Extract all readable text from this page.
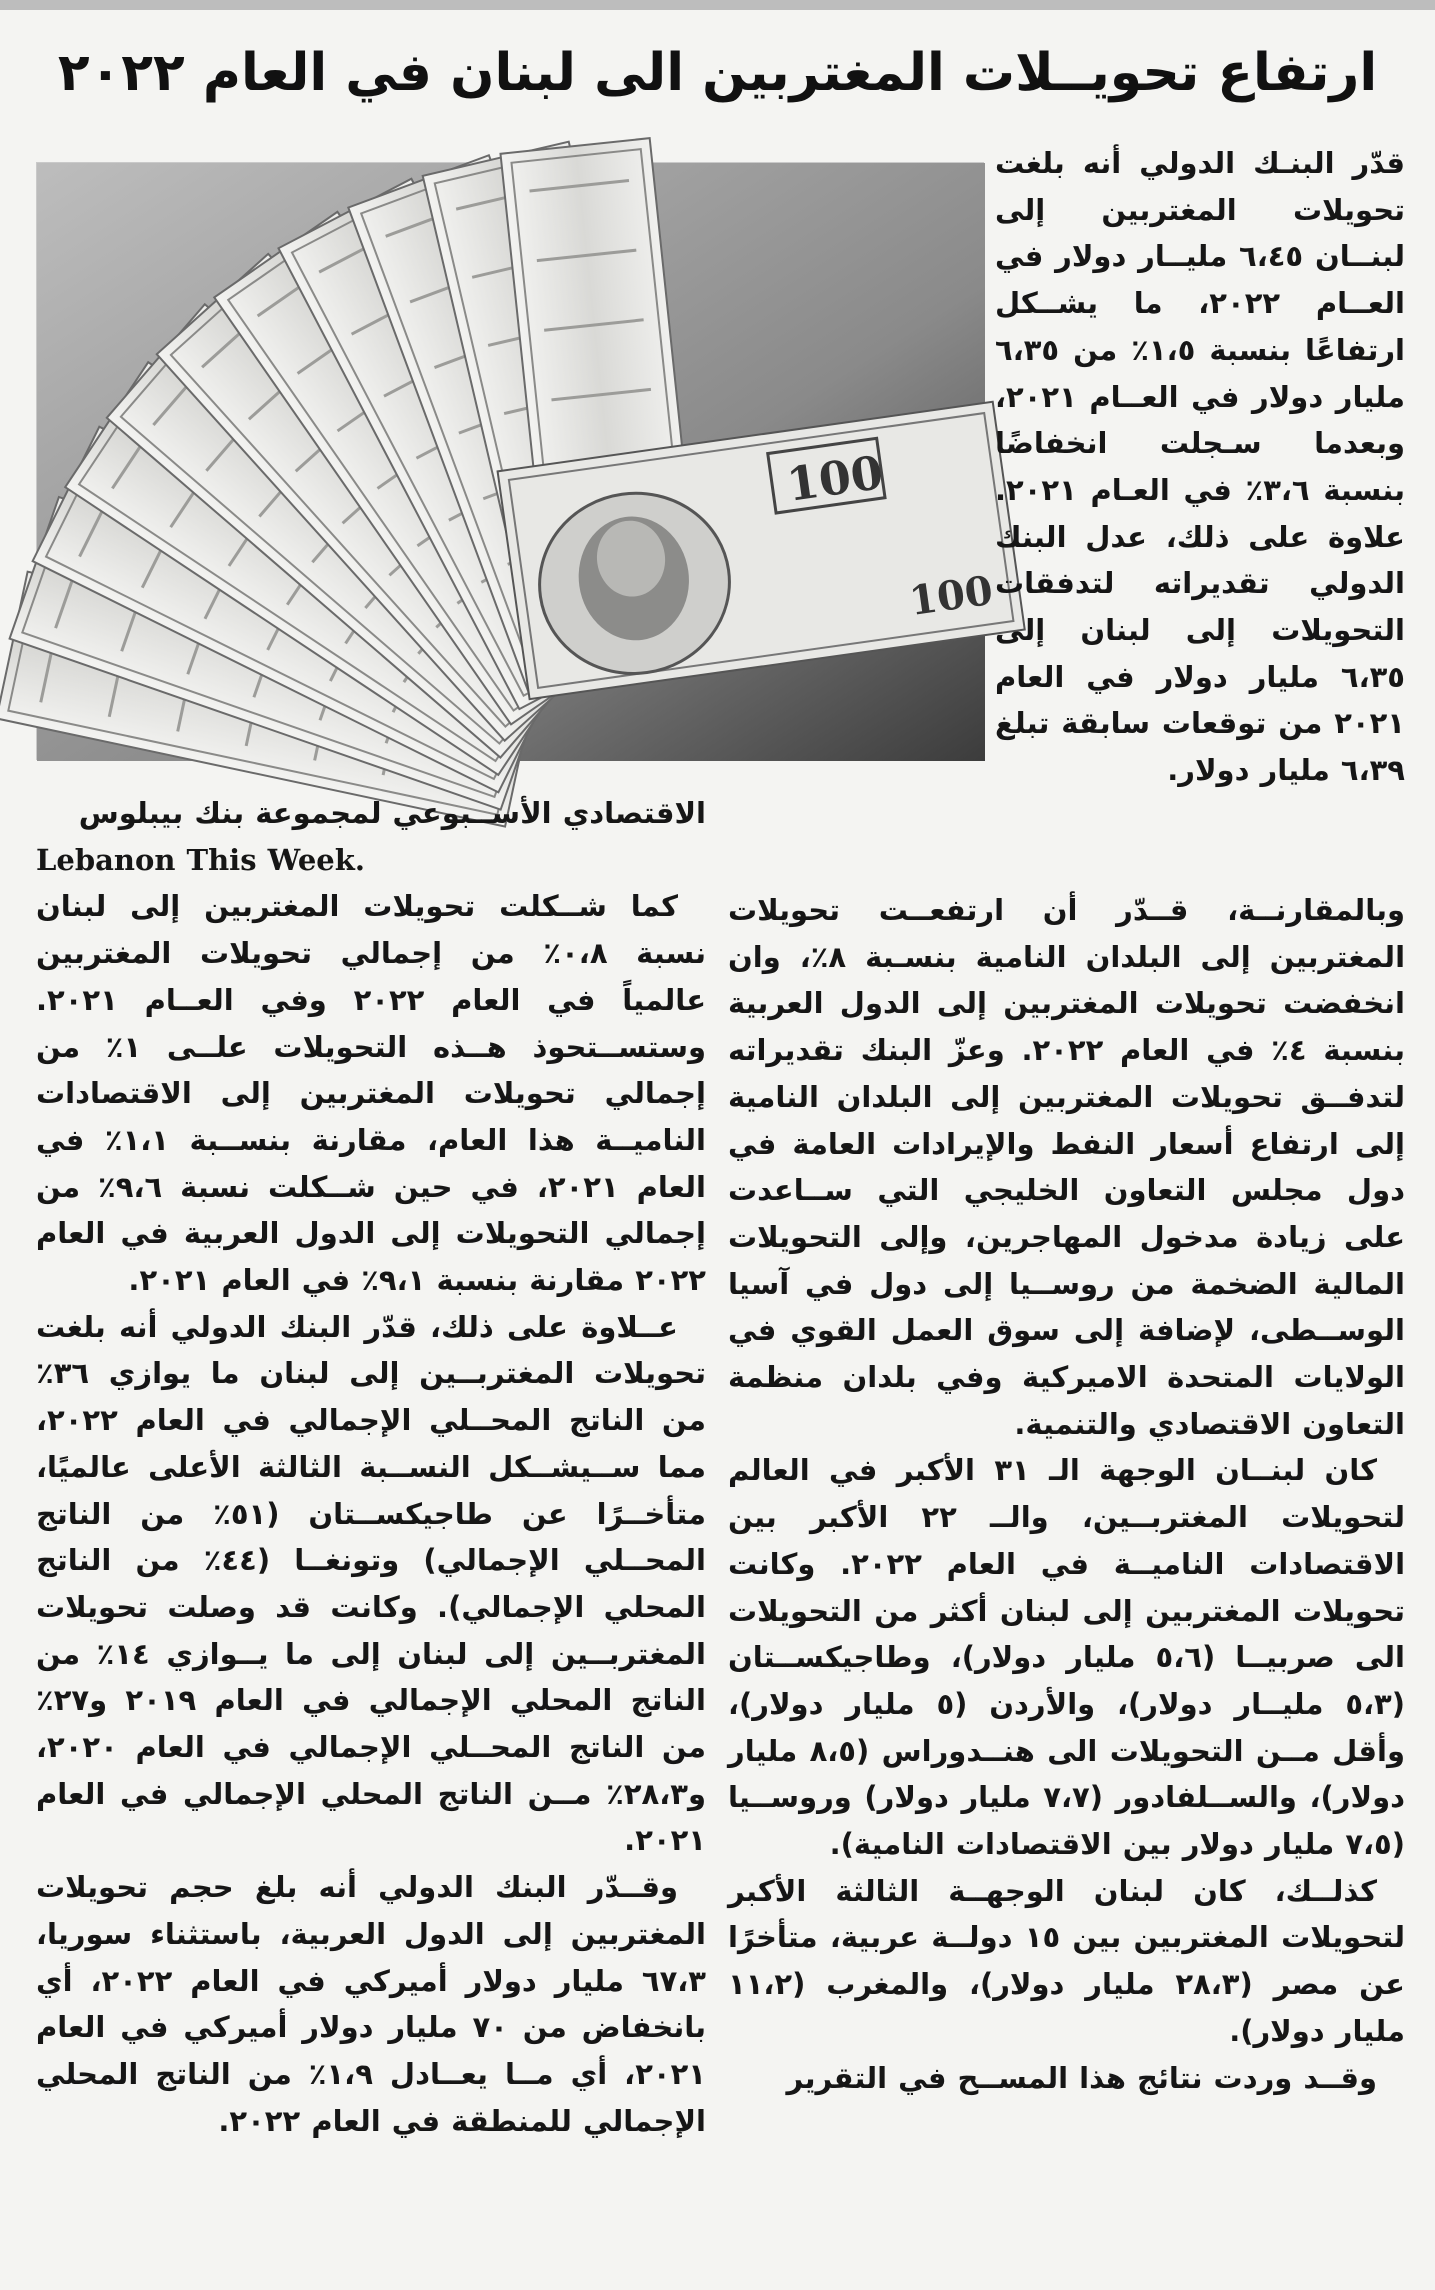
ارتفاع تحويــلات المغتربين الى لبنان في العام ٢٠٢٢
100
100

قدّر البنـك الدولي أنه بلغت تحويلات المغتربين إلى لبنــان ٦،٤٥ مليــار دولار في العــام ٢٠٢٢، ما يشــكل ارتفاعًا بنسبة ١،٥٪ من ٦،٣٥ مليار دولار في العــام ٢٠٢١، وبعدما سـجلت انخفاضًا بنسبة ٣،٦٪ في العـام ٢٠٢١. علاوة على ذلك، عدل البنك الدولي تقديراته لتدفقات التحويلات إلى لبنان إلى ٦،٣٥ مليار دولار في العام ٢٠٢١ من توقعات سابقة تبلغ ٦،٣٩ مليار دولار.

وبالمقارنــة، قــدّر أن ارتفعــت تحويلات المغتربين إلى البلدان النامية بنسـبة ٨٪، وان انخفضت تحويلات المغتربين إلى الدول العربية بنسبة ٤٪ في العام ٢٠٢٢. وعزّ البنك تقديراته لتدفــق تحويلات المغتربين إلى البلدان النامية إلى ارتفاع أسعار النفط والإيرادات العامة في دول مجلس التعاون الخليجي التي ســاعدت على زيادة مدخول المهاجرين، وإلى التحويلات المالية الضخمة من روســيا إلى دول في آسيا الوســطى، لإضافة إلى سوق العمل القوي في الولايات المتحدة الاميركية وفي بلدان منظمة التعاون الاقتصادي والتنمية.

كان لبنــان الوجهة الـ ٣١ الأكبر في العالم لتحويلات المغتربــين، والــ ٢٢ الأكبر بين الاقتصادات الناميــة في العام ٢٠٢٢. وكانت تحويلات المغتربين إلى لبنان أكثر من التحويلات الى صربيــا (٥،٦ مليار دولار)، وطاجيكســتان (٥،٣ مليــار دولار)، والأردن (٥ مليار دولار)، وأقل مــن التحويلات الى هنــدوراس (٨،٥ مليار دولار)، والســلفادور (٧،٧ مليار دولار) وروســيا (٧،٥ مليار دولار بين الاقتصادات النامية).

كذلــك، كان لبنان الوجهــة الثالثة الأكبر لتحويلات المغتربين بين ١٥ دولــة عربية، متأخرًا عن مصر (٢٨،٣ مليار دولار)، والمغرب (١١،٢ مليار دولار).

وقــد وردت نتائج هذا المســح في التقرير

الاقتصادي الأســبوعي لمجموعة بنك بيبلوس

Lebanon This Week.

كما شــكلت تحويلات المغتربين إلى لبنان نسبة ٠،٨٪ من إجمالي تحويلات المغتربين عالمياً في العام ٢٠٢٢ وفي العــام ٢٠٢١. وستســتحوذ هــذه التحويلات علــى ١٪ من إجمالي تحويلات المغتربين إلى الاقتصادات الناميــة هذا العام، مقارنة بنســبة ١،١٪ في العام ٢٠٢١، في حين شــكلت نسبة ٩،٦٪ من إجمالي التحويلات إلى الدول العربية في العام ٢٠٢٢ مقارنة بنسبة ٩،١٪ في العام ٢٠٢١.

عــلاوة على ذلك، قدّر البنك الدولي أنه بلغت تحويلات المغتربــين إلى لبنان ما يوازي ٣٦٪ من الناتج المحــلي الإجمالي في العام ٢٠٢٢، مما ســيشــكل النســبة الثالثة الأعلى عالميًا، متأخــرًا عن طاجيكســتان (٥١٪ من الناتج المحــلي الإجمالي) وتونغــا (٤٤٪ من الناتج المحلي الإجمالي). وكانت قد وصلت تحويلات المغتربــين إلى لبنان إلى ما يــوازي ١٤٪ من الناتج المحلي الإجمالي في العام ٢٠١٩ و٢٧٪ من الناتج المحــلي الإجمالي في العام ٢٠٢٠، و٢٨،٣٪ مــن الناتج المحلي الإجمالي في العام ٢٠٢١.

وقــدّر البنك الدولي أنه بلغ حجم تحويلات المغتربين إلى الدول العربية، باستثناء سوريا، ٦٧،٣ مليار دولار أميركي في العام ٢٠٢٢، أي بانخفاض من ٧٠ مليار دولار أميركي في العام ٢٠٢١، أي مــا يعــادل ١،٩٪ من الناتج المحلي الإجمالي للمنطقة في العام ٢٠٢٢.
